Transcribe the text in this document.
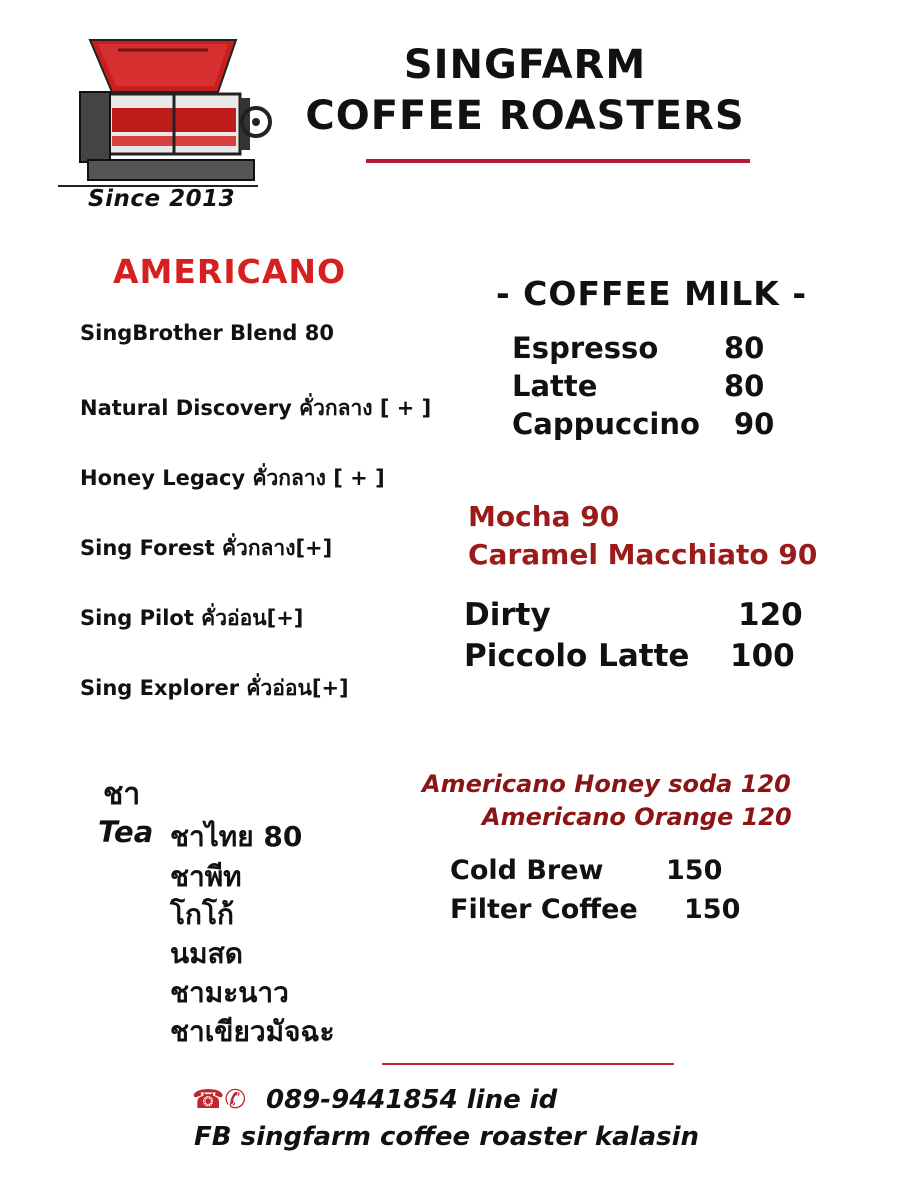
Since 2013
SINGFARM
COFFEE ROASTERS
AMERICANO
SingBrother Blend 80
Natural Discovery คั่วกลาง [ + ]
Honey Legacy คั่วกลาง [ + ]
Sing Forest คั่วกลาง[+]
Sing Pilot คั่วอ่อน[+]
Sing Explorer คั่วอ่อน[+]
- COFFEE MILK -
Espresso 80
Latte	80
Cappuccino 90
Mocha 90
Caramel Macchiato 90
Dirty	120
Piccolo Latte 100
Americano Honey soda 120
Americano Orange 120
Cold Brew 150
Filter Coffee 150
ชา
Tea ชาไทย 80
ชาพีท
โกโก้
นมสด
ชามะนาว
ชาเขียวมัจฉะ
☎︎✆ 089-9441854 line id
FB singfarm coffee roaster kalasin
